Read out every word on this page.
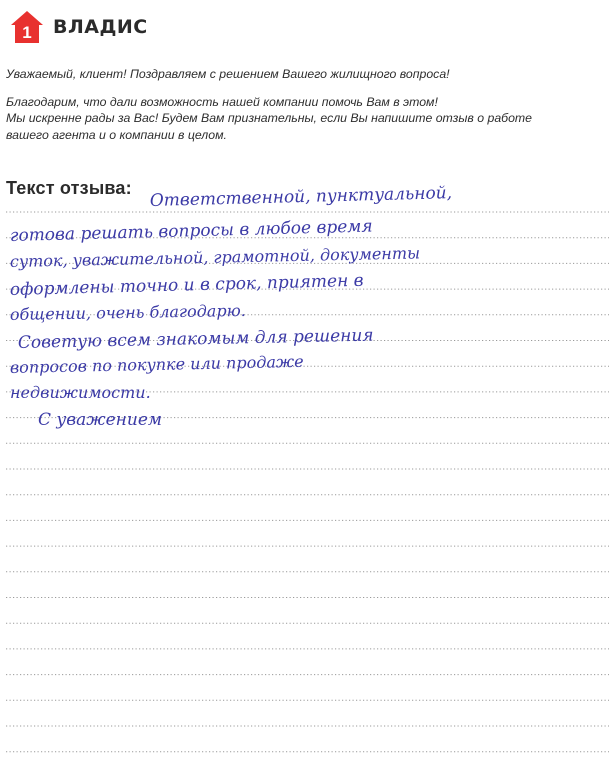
1 ВЛАДИС

Уважаемый, клиент! Поздравляем с решением Вашего жилищного вопроса!

Благодарим, что дали возможность нашей компании помочь Вам в этом!

Мы искренне рады за Вас! Будем Вам признательны, если Вы напишите отзыв о работе

вашего агента и о компании в целом.

Текст отзыва: Ответственной, пунктуальной,
готова решать вопросы в любое время
суток, уважительной, грамотной, документы
оформлены точно и в срок, приятен в
общении, очень благодарю.
Советую всем знакомым для решения
вопросов по покупке или продаже
недвижимости.
С уважением
